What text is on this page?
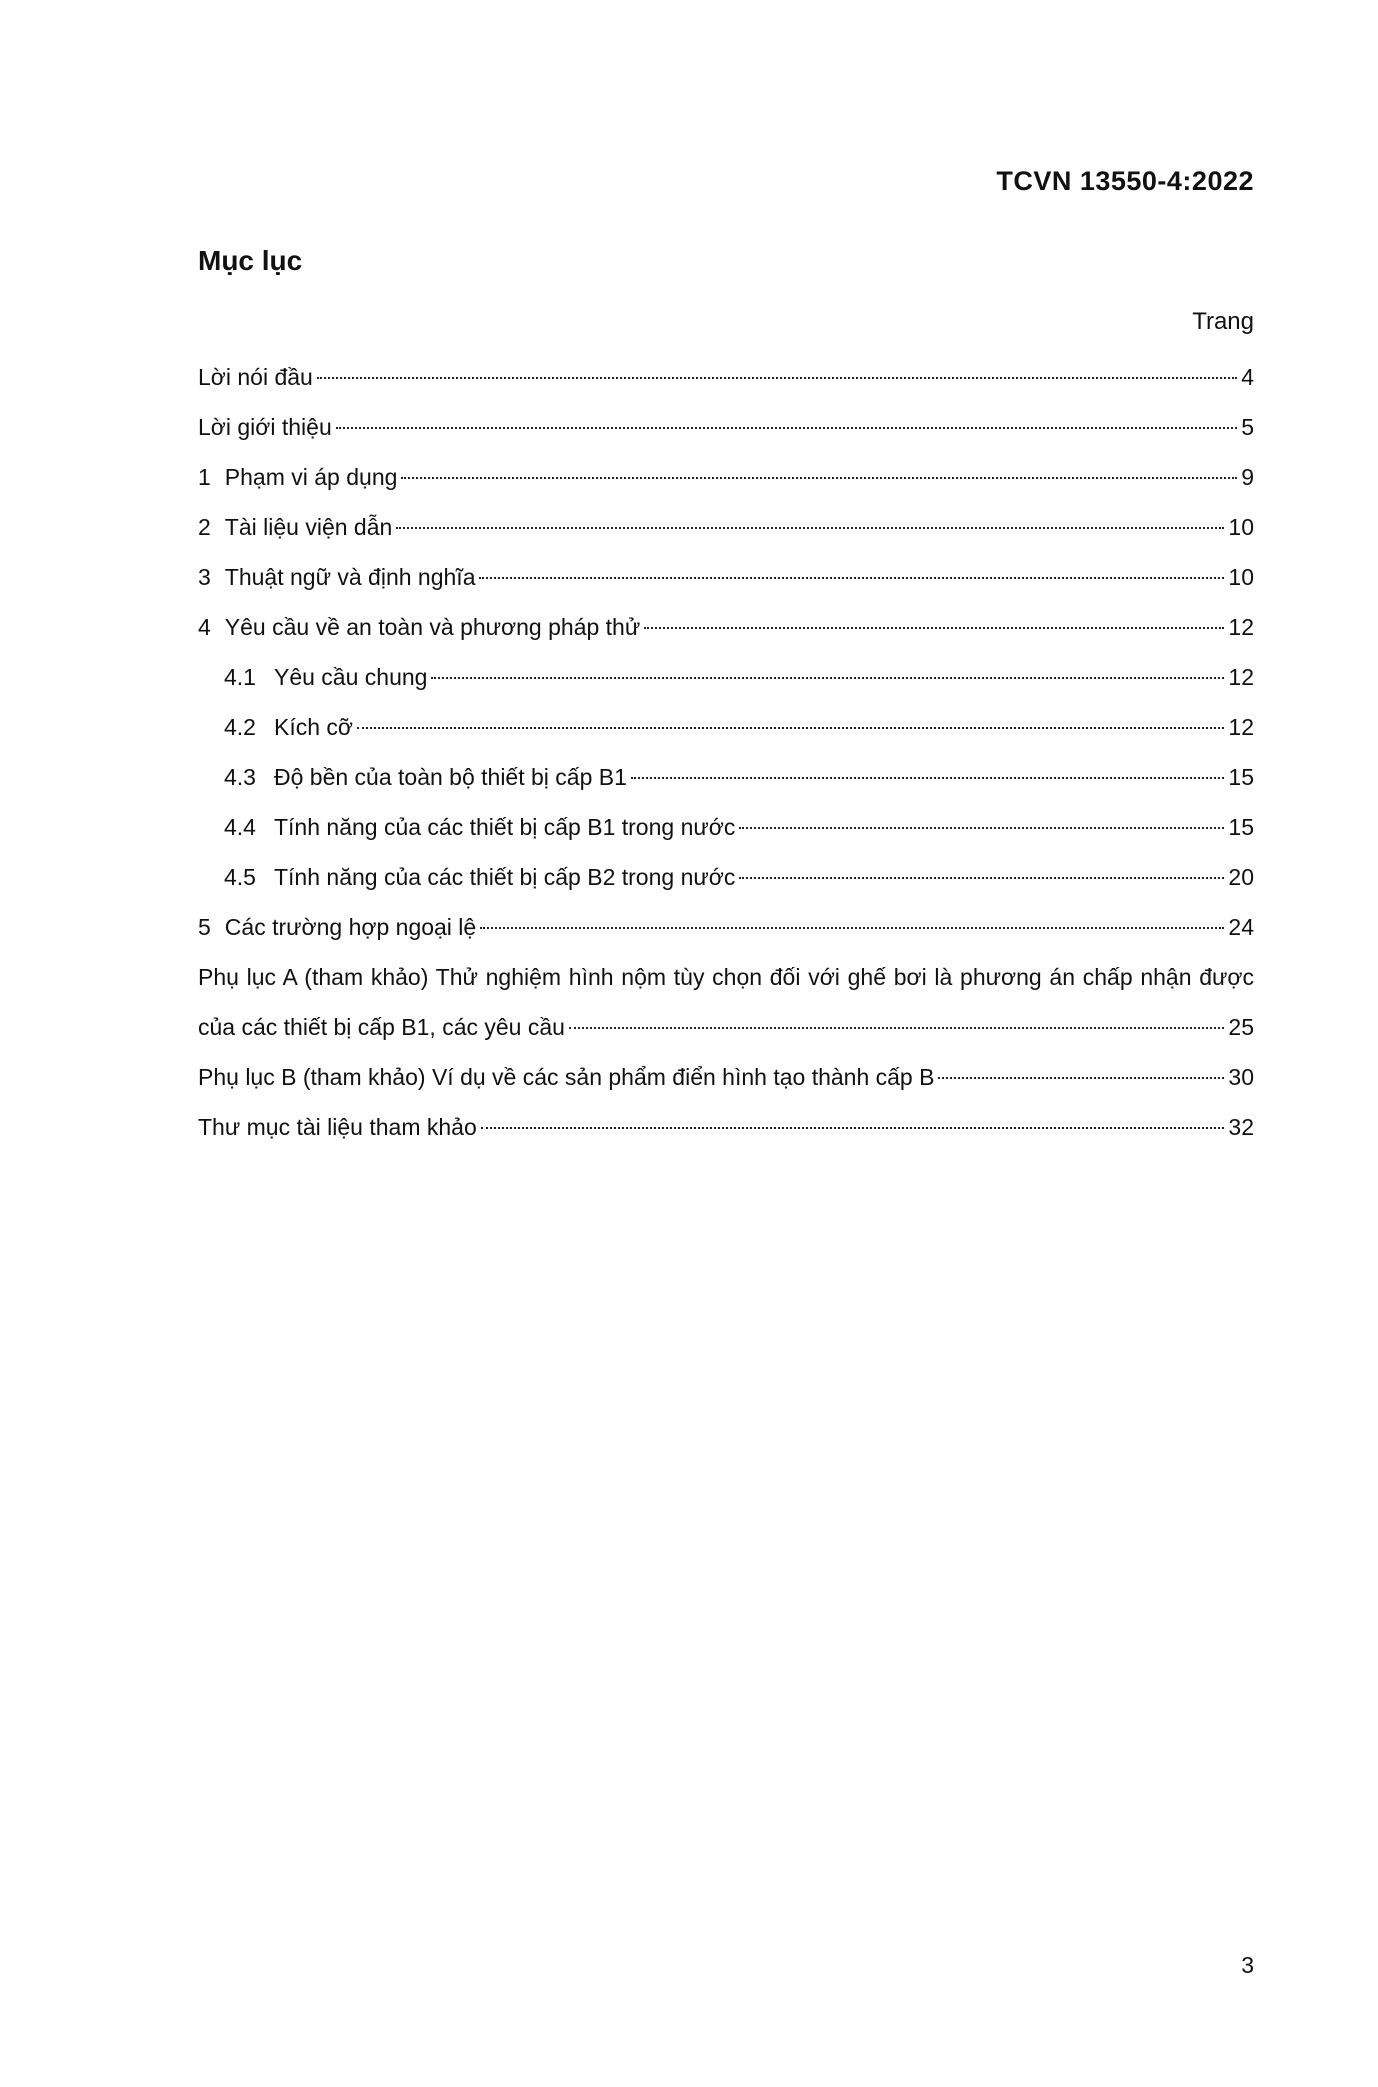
TCVN 13550-4:2022
Mục lục
Trang
Lời nói đầu	4
Lời giới thiệu	5
1 Phạm vi áp dụng	9
2 Tài liệu viện dẫn	10
3 Thuật ngữ và định nghĩa	10
4 Yêu cầu về an toàn và phương pháp thử	12
4.1 Yêu cầu chung	12
4.2 Kích cỡ	12
4.3 Độ bền của toàn bộ thiết bị cấp B1	15
4.4 Tính năng của các thiết bị cấp B1 trong nước	15
4.5 Tính năng của các thiết bị cấp B2 trong nước	20
5 Các trường hợp ngoại lệ	24
Phụ lục A (tham khảo) Thử nghiệm hình nộm tùy chọn đối với ghế bơi là phương án chấp nhận được
của các thiết bị cấp B1, các yêu cầu	25
Phụ lục B (tham khảo) Ví dụ về các sản phẩm điển hình tạo thành cấp B	30
Thư mục tài liệu tham khảo	32
3
